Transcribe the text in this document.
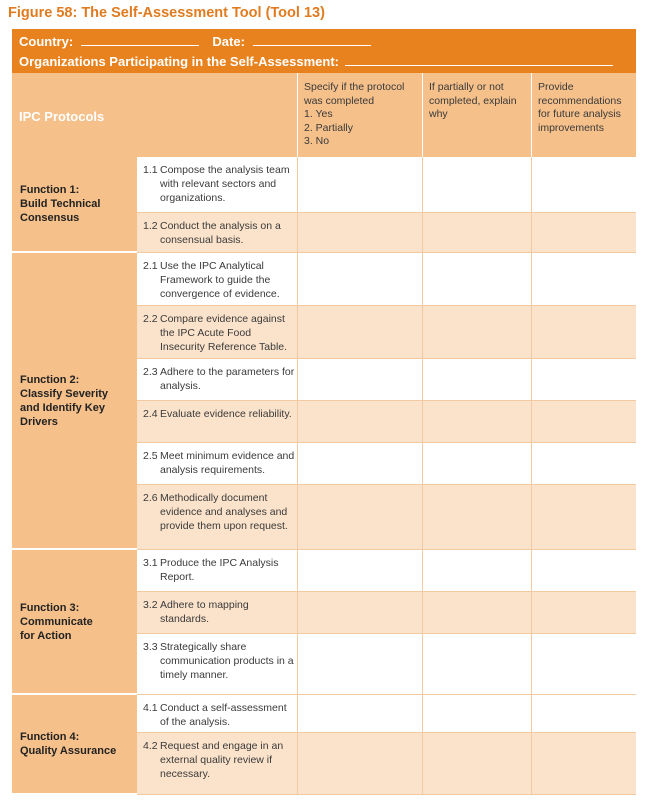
Figure 58: The Self-Assessment Tool (Tool 13)
Country:	Date:
Organizations Participating in the Self-Assessment:
IPC Protocols
Specify if the protocol
was completed
1. Yes
2. Partially
3. No
If partially or not
completed, explain
why
Provide
recommendations
for future analysis
improvements
1.1 Compose the analysis team with relevant sectors and organizations.
1.2 Conduct the analysis on a consensual basis.
Function 1:
Build Technical
Consensus
2.1 Use the IPC Analytical Framework to guide the convergence of evidence.
2.2 Compare evidence against the IPC Acute Food Insecurity Reference Table.
2.3 Adhere to the parameters for analysis.
2.4 Evaluate evidence reliability.
2.5 Meet minimum evidence and analysis requirements.
2.6 Methodically document evidence and analyses and provide them upon request.
Function 2:
Classify Severity
and Identify Key
Drivers
3.1 Produce the IPC Analysis Report.
3.2 Adhere to mapping standards.
3.3 Strategically share communication products in a timely manner.
Function 3:
Communicate
for Action
4.1 Conduct a self-assessment of the analysis.
4.2 Request and engage in an external quality review if necessary.
Function 4:
Quality Assurance
